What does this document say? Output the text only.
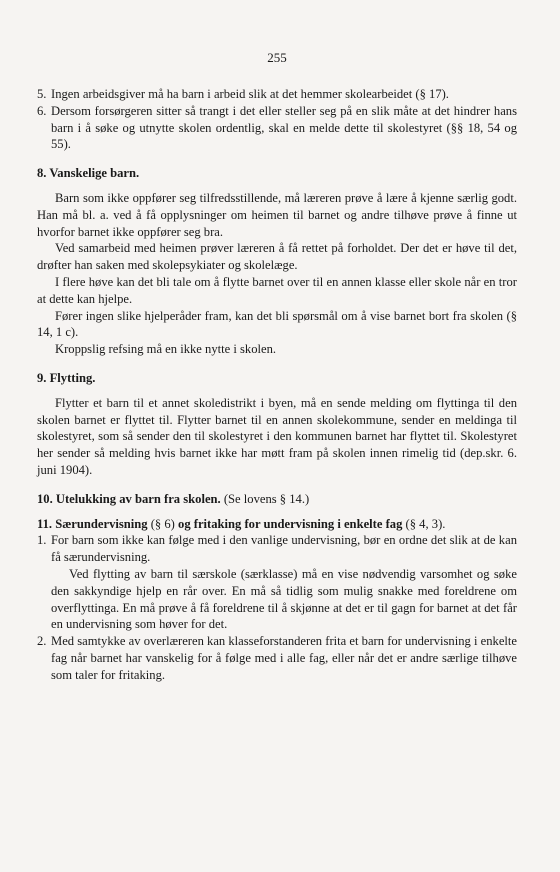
255
5. Ingen arbeidsgiver må ha barn i arbeid slik at det hemmer skolearbeidet (§ 17).

6. Dersom forsørgeren sitter så trangt i det eller steller seg på en slik måte at det hindrer hans barn i å søke og utnytte skolen ordentlig, skal en melde dette til skolestyret (§§ 18, 54 og 55).

8. Vanskelige barn.

Barn som ikke oppfører seg tilfredsstillende, må læreren prøve å lære å kjenne særlig godt. Han må bl. a. ved å få opplysninger om heimen til barnet og andre tilhøve prøve å finne ut hvorfor barnet ikke oppfører seg bra.

Ved samarbeid med heimen prøver læreren å få rettet på forholdet. Der det er høve til det, drøfter han saken med skolepsykiater og skolelæge.

I flere høve kan det bli tale om å flytte barnet over til en annen klasse eller skole når en tror at dette kan hjelpe.

Fører ingen slike hjelperåder fram, kan det bli spørsmål om å vise barnet bort fra skolen (§ 14, 1 c).

Kroppslig refsing må en ikke nytte i skolen.

9. Flytting.

Flytter et barn til et annet skoledistrikt i byen, må en sende melding om flyttinga til den skolen barnet er flyttet til. Flytter barnet til en annen skolekommune, sender en meldinga til skolestyret, som så sender den til skolestyret i den kommunen barnet har flyttet til. Skolestyret her sender så melding hvis barnet ikke har møtt fram på skolen innen rimelig tid (dep.skr. 6. juni 1904).

10. Utelukking av barn fra skolen. (Se lovens § 14.)

11. Særundervisning (§ 6) og fritaking for undervisning i enkelte fag (§ 4, 3).

1. For barn som ikke kan følge med i den vanlige undervisning, bør en ordne det slik at de kan få særundervisning.

Ved flytting av barn til særskole (særklasse) må en vise nødvendig varsomhet og søke den sakkyndige hjelp en rår over. En må så tidlig som mulig snakke med foreldrene om overflyttinga. En må prøve å få foreldrene til å skjønne at det er til gagn for barnet at det får en undervisning som høver for det.

2. Med samtykke av overlæreren kan klasseforstanderen frita et barn for undervisning i enkelte fag når barnet har vanskelig for å følge med i alle fag, eller når det er andre særlige tilhøve som taler for fritaking.
